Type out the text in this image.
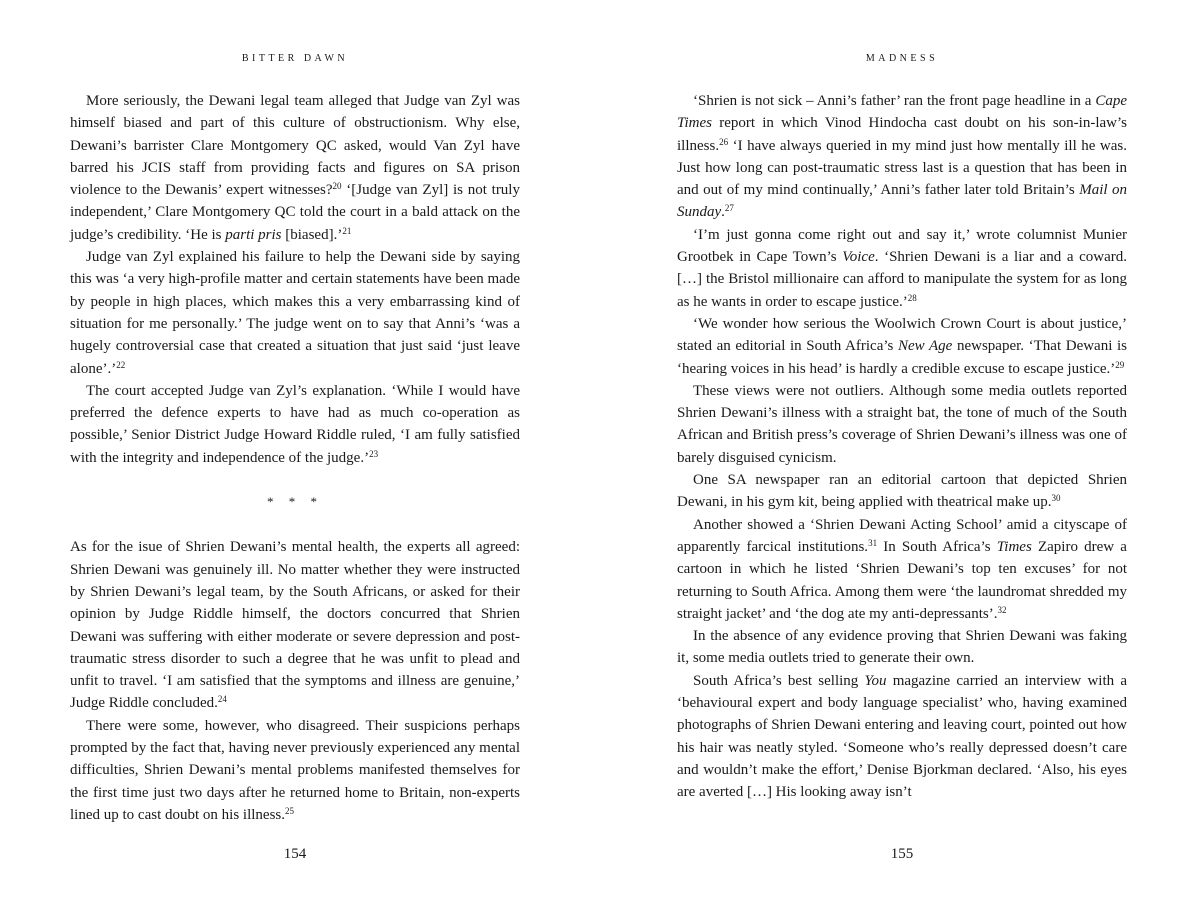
BITTER DAWN

More seriously, the Dewani legal team alleged that Judge van Zyl was himself biased and part of this culture of obstructionism. Why else, Dewani’s barrister Clare Montgomery QC asked, would Van Zyl have barred his JCIS staff from providing facts and figures on SA prison violence to the Dewanis’ expert witnesses?$^{20}$ ‘[Judge van Zyl] is not truly independent,’ Clare Montgomery QC told the court in a bald attack on the judge’s credibility. ‘He is parti pris [biased].’$^{21}$

Judge van Zyl explained his failure to help the Dewani side by saying this was ‘a very high-profile matter and certain statements have been made by people in high places, which makes this a very embarrassing kind of situation for me personally.’ The judge went on to say that Anni’s ‘was a hugely controversial case that created a situation that just said ‘just leave alone’.’$^{22}$

The court accepted Judge van Zyl’s explanation. ‘While I would have preferred the defence experts to have had as much co-operation as possible,’ Senior District Judge Howard Riddle ruled, ‘I am fully satisfied with the integrity and independence of the judge.’$^{23}$

* * *

As for the isue of Shrien Dewani’s mental health, the experts all agreed: Shrien Dewani was genuinely ill. No matter whether they were instructed by Shrien Dewani’s legal team, by the South Africans, or asked for their opinion by Judge Riddle himself, the doctors concurred that Shrien Dewani was suffering with either moderate or severe depression and post-traumatic stress disorder to such a degree that he was unfit to plead and unfit to travel. ‘I am satisfied that the symptoms and illness are genuine,’ Judge Riddle concluded.$^{24}$

There were some, however, who disagreed. Their suspicions perhaps prompted by the fact that, having never previously experienced any mental difficulties, Shrien Dewani’s mental problems manifested themselves for the first time just two days after he returned home to Britain, non-experts lined up to cast doubt on his illness.$^{25}$

154
MADNESS

‘Shrien is not sick – Anni’s father’ ran the front page headline in a Cape Times report in which Vinod Hindocha cast doubt on his son-in-law’s illness.$^{26}$ ‘I have always queried in my mind just how mentally ill he was. Just how long can post-traumatic stress last is a question that has been in and out of my mind continually,’ Anni’s father later told Britain’s Mail on Sunday.$^{27}$

‘I’m just gonna come right out and say it,’ wrote columnist Munier Grootbek in Cape Town’s Voice. ‘Shrien Dewani is a liar and a coward. […] the Bristol millionaire can afford to manipulate the system for as long as he wants in order to escape justice.’$^{28}$

‘We wonder how serious the Woolwich Crown Court is about justice,’ stated an editorial in South Africa’s New Age newspaper. ‘That Dewani is ‘hearing voices in his head’ is hardly a credible excuse to escape justice.’$^{29}$

These views were not outliers. Although some media outlets reported Shrien Dewani’s illness with a straight bat, the tone of much of the South African and British press’s coverage of Shrien Dewani’s illness was one of barely disguised cynicism.

One SA newspaper ran an editorial cartoon that depicted Shrien Dewani, in his gym kit, being applied with theatrical make up.$^{30}$

Another showed a ‘Shrien Dewani Acting School’ amid a cityscape of apparently farcical institutions.$^{31}$ In South Africa’s Times Zapiro drew a cartoon in which he listed ‘Shrien Dewani’s top ten excuses’ for not returning to South Africa. Among them were ‘the laundromat shredded my straight jacket’ and ‘the dog ate my anti-depressants’.$^{32}$

In the absence of any evidence proving that Shrien Dewani was faking it, some media outlets tried to generate their own.

South Africa’s best selling You magazine carried an interview with a ‘behavioural expert and body language specialist’ who, having examined photographs of Shrien Dewani entering and leaving court, pointed out how his hair was neatly styled. ‘Someone who’s really depressed doesn’t care and wouldn’t make the effort,’ Denise Bjorkman declared. ‘Also, his eyes are averted […] His looking away isn’t

155
